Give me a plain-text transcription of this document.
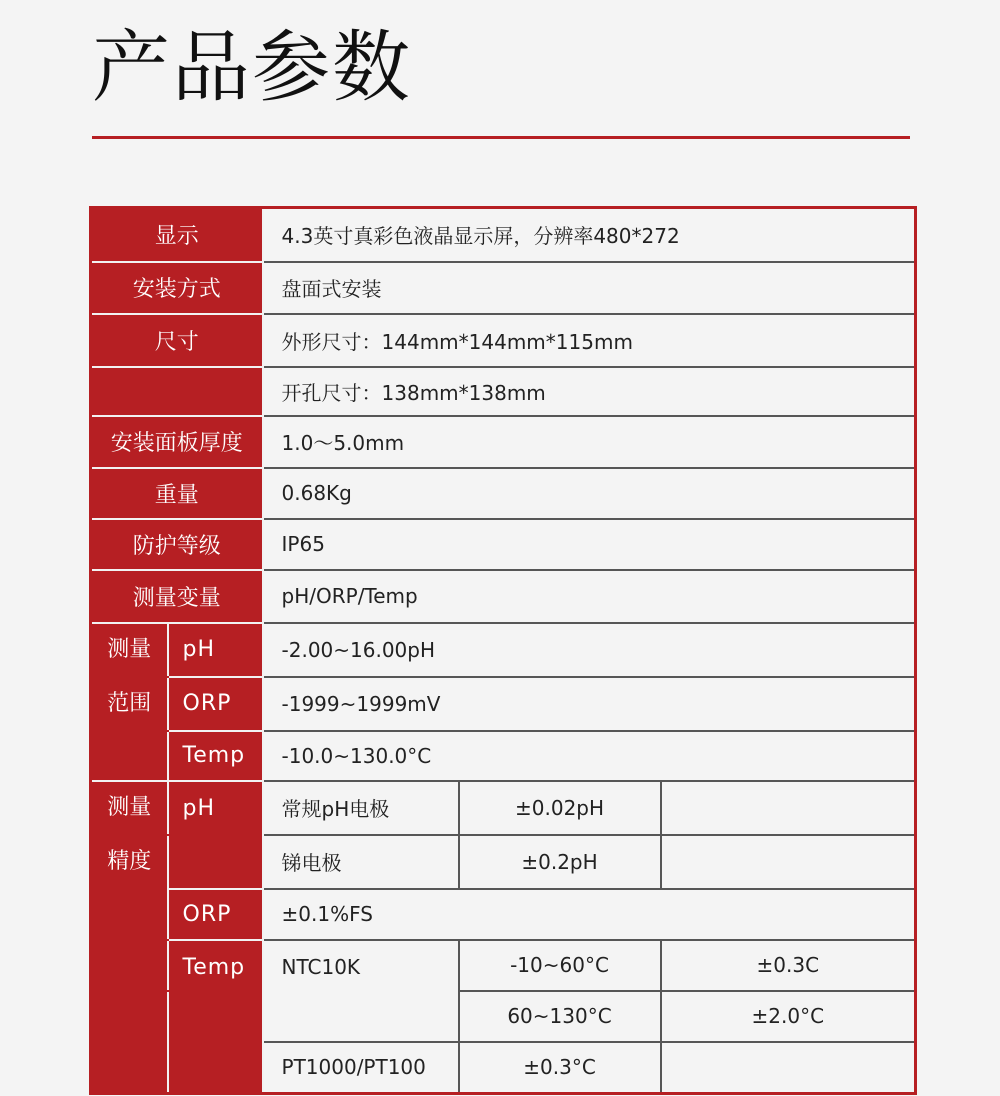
产品参数
显示		4.3英寸真彩色液晶显示屏，分辨率480*272		
安装方式		盘面式安装		
尺寸		外形尺寸：144mm*144mm*115mm		
		开孔尺寸：138mm*138mm		
安装面板厚度		1.0～5.0mm		
重量		0.68Kg		
防护等级		IP65		
测量变量		pH/ORP/Temp		

测量	pH	-2.00~16.00pH		

范围	ORP	-1999~1999mV		
	Temp	-10.0~130.0°C		

测量	pH	常规pH电极	±0.02pH	

精度		锑电极	±0.2pH	
	ORP	±0.1%FS		
	Temp	NTC10K	-10~60°C	±0.3C
			60~130°C	±2.0°C
		PT1000/PT100	±0.3°C	
